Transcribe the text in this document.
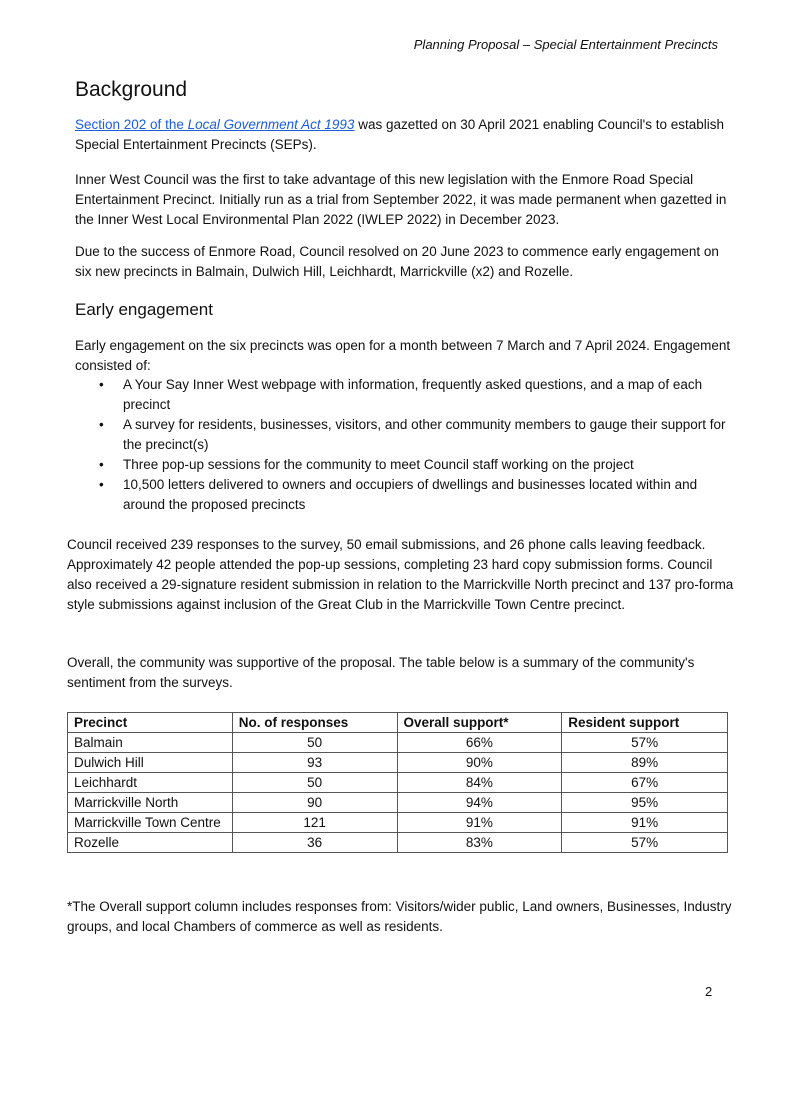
Planning Proposal – Special Entertainment Precincts
Background

Section 202 of the Local Government Act 1993 was gazetted on 30 April 2021 enabling Council's to establish Special Entertainment Precincts (SEPs).

Inner West Council was the first to take advantage of this new legislation with the Enmore Road Special Entertainment Precinct. Initially run as a trial from September 2022, it was made permanent when gazetted in the Inner West Local Environmental Plan 2022 (IWLEP 2022) in December 2023.

Due to the success of Enmore Road, Council resolved on 20 June 2023 to commence early engagement on six new precincts in Balmain, Dulwich Hill, Leichhardt, Marrickville (x2) and Rozelle.

Early engagement

Early engagement on the six precincts was open for a month between 7 March and 7 April 2024. Engagement consisted of:

• A Your Say Inner West webpage with information, frequently asked questions, and a map of each precinct
• A survey for residents, businesses, visitors, and other community members to gauge their support for the precinct(s)
• Three pop-up sessions for the community to meet Council staff working on the project
• 10,500 letters delivered to owners and occupiers of dwellings and businesses located within and around the proposed precincts

Council received 239 responses to the survey, 50 email submissions, and 26 phone calls leaving feedback. Approximately 42 people attended the pop-up sessions, completing 23 hard copy submission forms. Council also received a 29-signature resident submission in relation to the Marrickville North precinct and 137 pro-forma style submissions against inclusion of the Great Club in the Marrickville Town Centre precinct.

Overall, the community was supportive of the proposal. The table below is a summary of the community's sentiment from the surveys.

Precinct	No. of responses	Overall support*	Resident support
Balmain	50	66%	57%
Dulwich Hill	93	90%	89%
Leichhardt	50	84%	67%
Marrickville North	90	94%	95%
Marrickville Town Centre	121	91%	91%
Rozelle	36	83%	57%

*The Overall support column includes responses from: Visitors/wider public, Land owners, Businesses, Industry groups, and local Chambers of commerce as well as residents.

2
